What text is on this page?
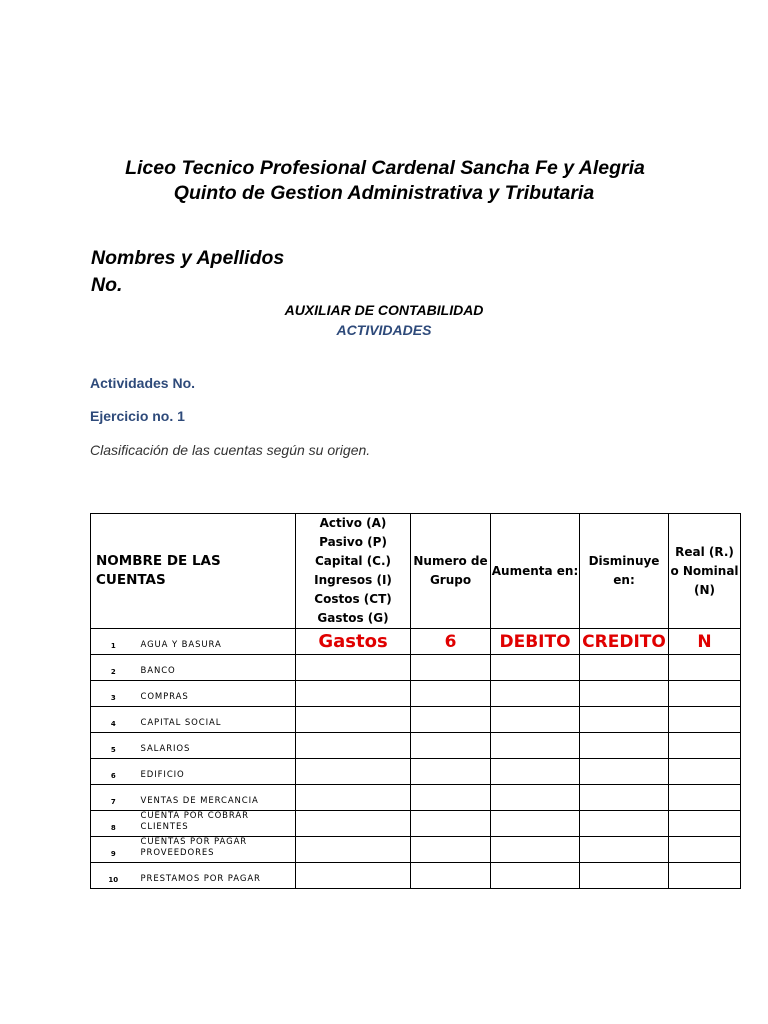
Liceo Tecnico Profesional Cardenal Sancha Fe y Alegria
Quinto de Gestion Administrativa y Tributaria
Nombres y Apellidos
No.
AUXILIAR DE CONTABILIDAD
ACTIVIDADES
Actividades No.
Ejercicio no. 1
Clasificación de las cuentas según su origen.
NOMBRE DE LAS CUENTAS		Activo (A) Pasivo (P) Capital (C.) Ingresos (I) Costos (CT) Gastos (G)	Numero de Grupo	Aumenta en:	Disminuye en:	Real (R.) o Nominal (N)
1	AGUA Y BASURA	Gastos	6	DEBITO	CREDITO	N
2	BANCO					
3	COMPRAS					
4	CAPITAL SOCIAL					
5	SALARIOS					
6	EDIFICIO					
7	VENTAS DE MERCANCIA					
8	CUENTA POR COBRAR CLIENTES					
9	CUENTAS POR PAGAR PROVEEDORES					
10	PRESTAMOS POR PAGAR					
